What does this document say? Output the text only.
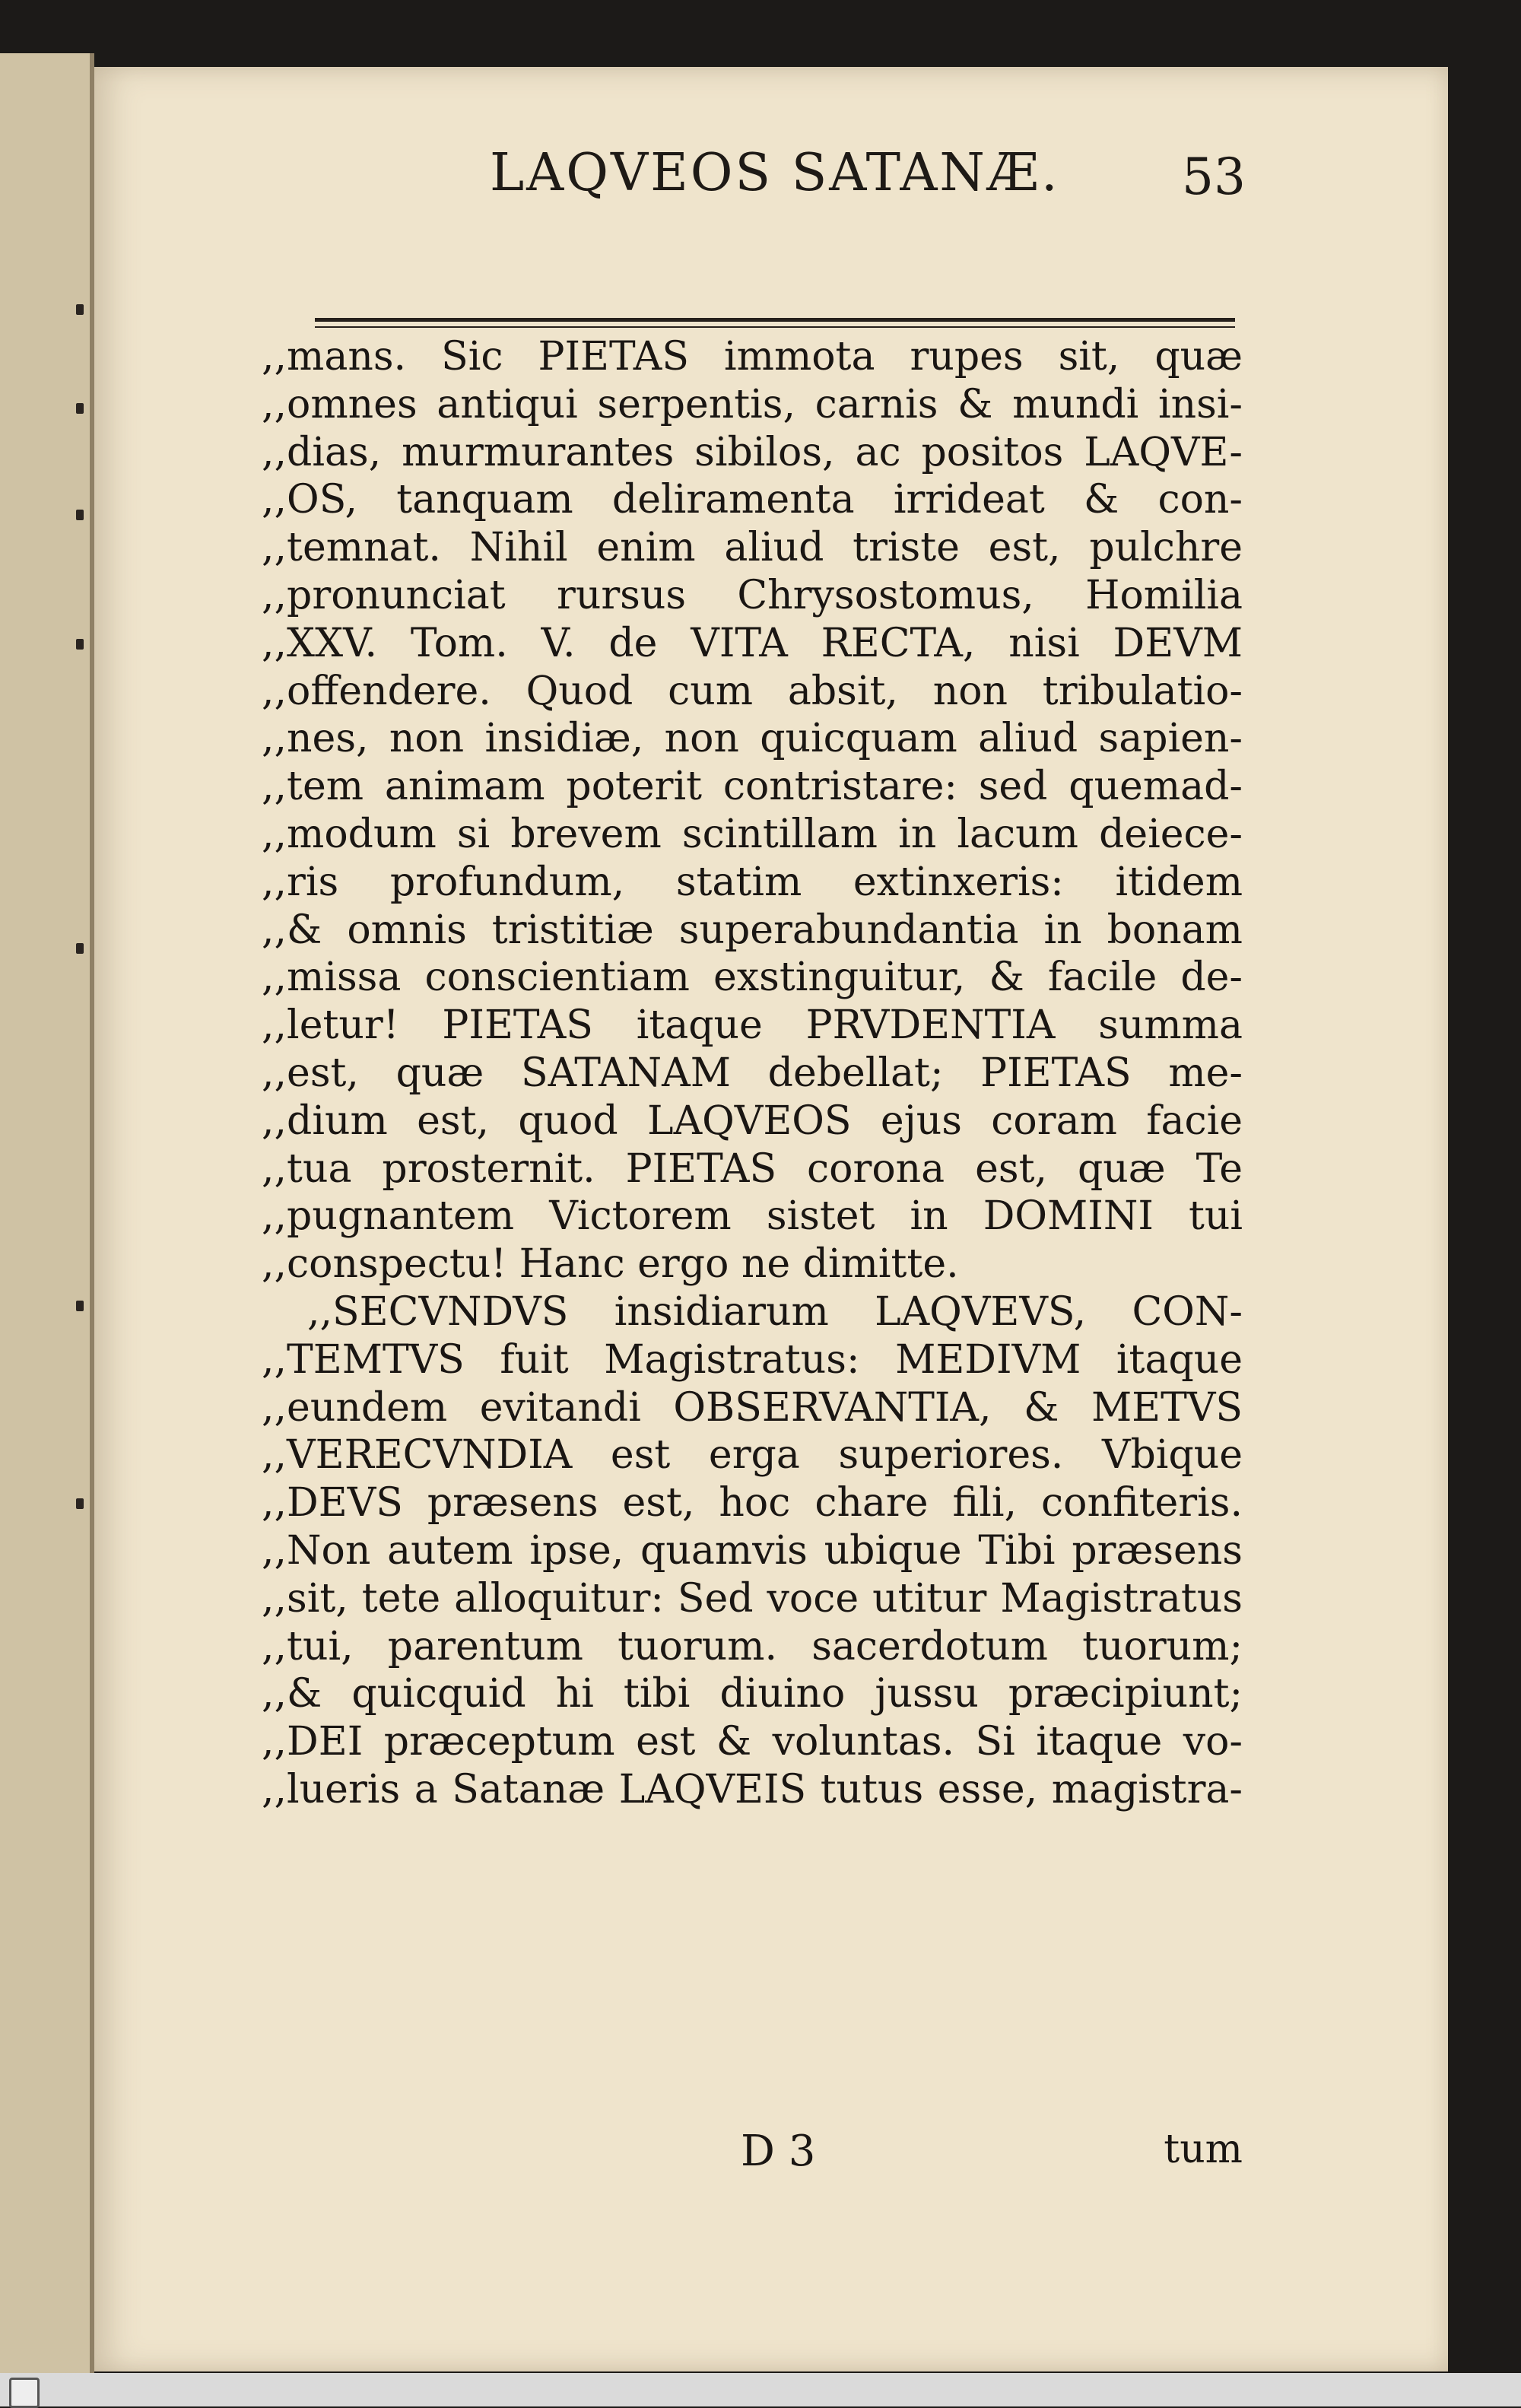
LAQVEOS SATANÆ. 53
,,mans. Sic PIETAS immota rupes sit, quæ
,,omnes antiqui serpentis, carnis & mundi insi-
,,dias, murmurantes sibilos, ac positos LAQVE-
,,OS, tanquam deliramenta irrideat & con-
,,temnat. Nihil enim aliud triste est, pulchre
,,pronunciat rursus Chrysostomus, Homilia
,,XXV. Tom. V. de VITA RECTA, nisi DEVM
,,offendere. Quod cum absit, non tribulatio-
,,nes, non insidiæ, non quicquam aliud sapien-
,,tem animam poterit contristare: sed quemad-
,,modum si brevem scintillam in lacum deiece-
,,ris profundum, statim extinxeris: itidem
,,& omnis tristitiæ superabundantia in bonam
,,missa conscientiam exstinguitur, & facile de-
,,letur! PIETAS itaque PRVDENTIA summa
,,est, quæ SATANAM debellat; PIETAS me-
,,dium est, quod LAQVEOS ejus coram facie
,,tua prosternit. PIETAS corona est, quæ Te
,,pugnantem Victorem sistet in DOMINI tui
,,conspectu! Hanc ergo ne dimitte.
,,SECVNDVS insidiarum LAQVEVS, CON-
,,TEMTVS fuit Magistratus: MEDIVM itaque
,,eundem evitandi OBSERVANTIA, & METVS
,,VERECVNDIA est erga superiores. Vbique
,,DEVS præsens est, hoc chare fili, confiteris.
,,Non autem ipse, quamvis ubique Tibi præsens
,,sit, tete alloquitur: Sed voce utitur Magistratus
,,tui, parentum tuorum. sacerdotum tuorum;
,,& quicquid hi tibi diuino jussu præcipiunt;
,,DEI præceptum est & voluntas. Si itaque vo-
,,lueris a Satanæ LAQVEIS tutus esse, magistra-
D 3	tum
